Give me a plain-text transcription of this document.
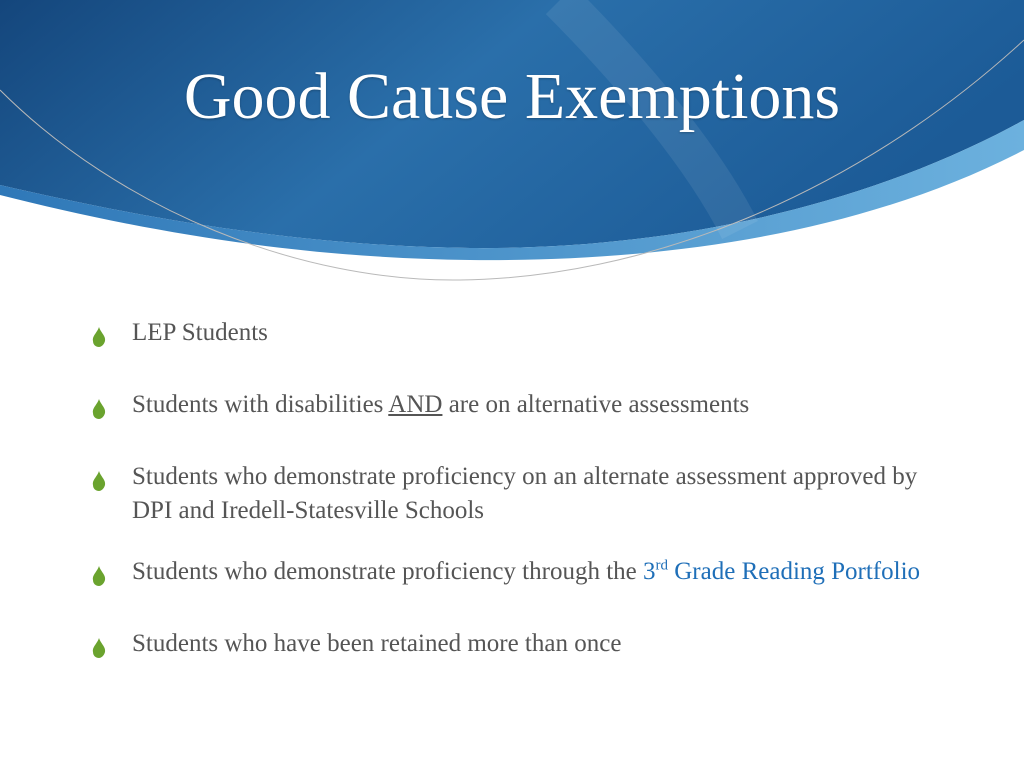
Good Cause Exemptions
LEP Students
Students with disabilities AND are on alternative assessments
Students who demonstrate proficiency on an alternate assessment approved by DPI and Iredell-Statesville Schools
Students who demonstrate proficiency through the 3rd Grade Reading Portfolio
Students who have been retained more than once
